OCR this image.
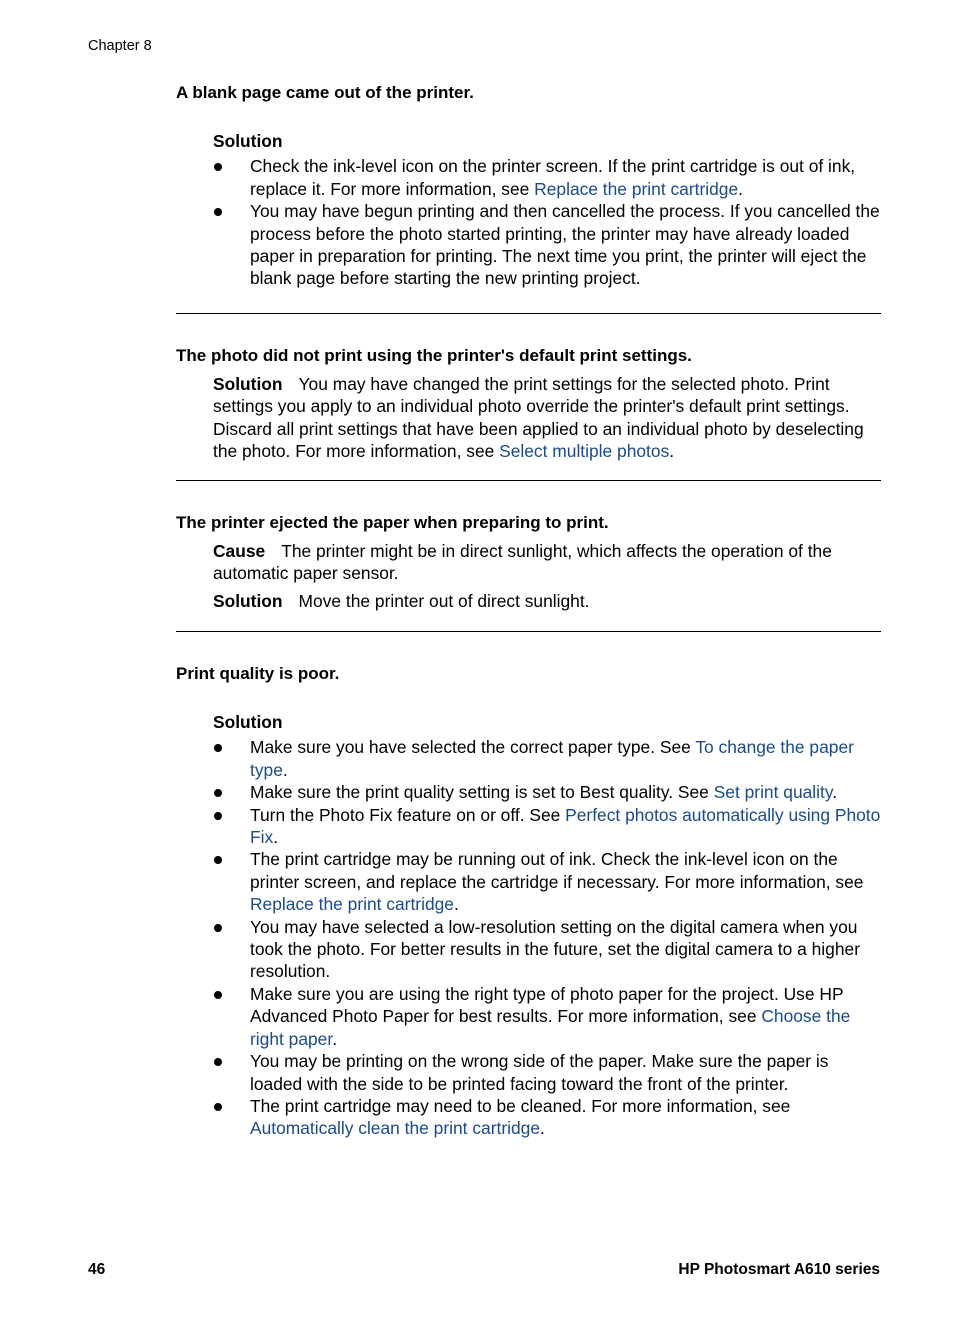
Chapter 8

A blank page came out of the printer.

Solution
Check the ink-level icon on the printer screen. If the print cartridge is out of ink, replace it. For more information, see Replace the print cartridge.
You may have begun printing and then cancelled the process. If you cancelled the process before the photo started printing, the printer may have already loaded paper in preparation for printing. The next time you print, the printer will eject the blank page before starting the new printing project.

The photo did not print using the printer's default print settings.

Solution You may have changed the print settings for the selected photo. Print settings you apply to an individual photo override the printer's default print settings. Discard all print settings that have been applied to an individual photo by deselecting the photo. For more information, see Select multiple photos.

The printer ejected the paper when preparing to print.

Cause The printer might be in direct sunlight, which affects the operation of the automatic paper sensor.

Solution Move the printer out of direct sunlight.

Print quality is poor.

Solution
Make sure you have selected the correct paper type. See To change the paper type.
Make sure the print quality setting is set to Best quality. See Set print quality.
Turn the Photo Fix feature on or off. See Perfect photos automatically using Photo Fix.
The print cartridge may be running out of ink. Check the ink-level icon on the printer screen, and replace the cartridge if necessary. For more information, see Replace the print cartridge.
You may have selected a low-resolution setting on the digital camera when you took the photo. For better results in the future, set the digital camera to a higher resolution.
Make sure you are using the right type of photo paper for the project. Use HP Advanced Photo Paper for best results. For more information, see Choose the right paper.
You may be printing on the wrong side of the paper. Make sure the paper is loaded with the side to be printed facing toward the front of the printer.
The print cartridge may need to be cleaned. For more information, see Automatically clean the print cartridge.
46	HP Photosmart A610 series
